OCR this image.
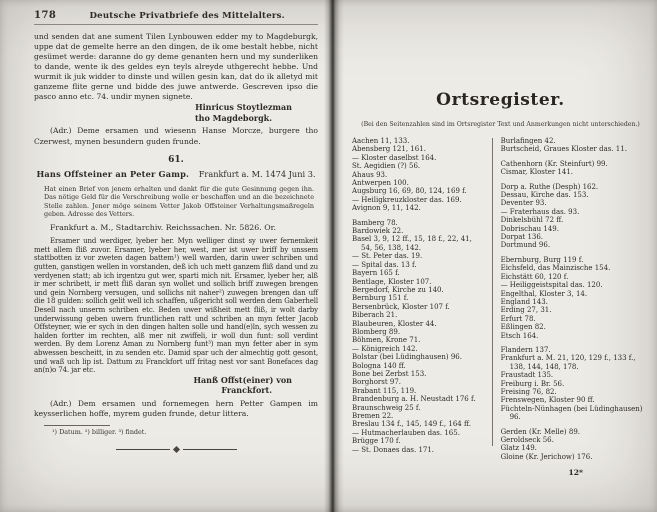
178	Deutsche Privatbriefe des Mittelalters.
und senden dat ane sument Tilen Lynbouwen edder my to Magdeburgk, uppe dat de gemelte herre an den dingen, de ik ome bestalt hebbe, nicht gesümet werde: daranne do gy deme genanten hern und my sunderliken to dande, wente ik des geldes eyn teyls alreyde uthgerecht hebbe. Und wurmit ik juk widder to dinste und willen gesin kan, dat do ik alletyd mit ganzeme flite gerne und bidde des juwe antwerde. Gescreven ipso die pasco anno etc. 74. undir mynen signete.
Hinricus Stoytlezman
tho Magdeborgk.
(Adr.) Deme ersamen und wiesenn Hanse Morcze, burgere tho Czerwest, mynen besundern guden frunde.
61.
Hans Offsteiner an Peter Gamp. Frankfurt a. M. 1474 Juni 3.
Hat einen Brief von jenem erhalten und dankt für die gute Gesinnung gegen ihn. Das nötige Geld für die Verschreibung wolle er beschaffen und an die bezeichnete Stelle zahlen. Jener möge seinem Vetter Jakob Offsteiner Verhaltungsmaßregeln geben. Adresse des Vetters.
Frankfurt a. M., Stadtarchiv. Reichssachen. Nr. 5826. Or.
Ersamer und werdiger, lyeber her. Myn welliger dinst sy uwer fernemkeit mett allem fliß zuvor. Ersamer, lyeber her, west, mer ist uwer briff by unssem stattbotten iz vor zweten dagen battem¹) well warden, darin uwer schriben und gutten, ganstigen wellen in vorstanden, deß ich uch mett ganzem fliß dand und zu verdyenen statt; ab ich irgentzu gut wer, sparti mich nit. Ersamer, lyeber her, alß ir mer schribett, ir mett fliß daran syn wollet und sollich briff zuwegen brengen und gein Nornberg versugen, und sollichs nit naher²) zuwegen brengen dan uff die 18 gulden: sollich gelit well ich schaffen, ußgericht soll werden dem Gaberhell Desell nach unserm schriben etc. Beden uwer wißheit mett fliß, ir wolt darby underwissung geben uwern fruntlichen ratt und schriben an myn fetter Jacob Offsteyner, wie er sych in den dingen halten solle und hand(e)ln, sych wessen zu halden fortter im rechten, alß mer nit zwiffeli, ir woll dun funt: soll verdint werden. By dem Lorenz Aman zu Nornberg funt³) man myn fetter aber in sym abwessen bescheitt, in zu senden etc. Damid spar uch der almechtig gott gesont, und waß uch lip ist. Dattum zu Franckfort uff fritag nest vor sant Bonefaces dag an(n)o 74. jar etc.
Hanß Offst(einer) von
Franckfort.
(Adr.) Dem ersamen und fornemegen hern Petter Gampen im keysserlichen hoffe, myrem guden frunde, detur littera.
¹) Datum. ²) billiger. ³) findet.
Ortsregister.
(Bei den Seitenzahlen sind im Ortsregister Text und Anmerkungen nicht unterschieden.)
Aachen 11, 133.
Abensberg 121, 161.
— Kloster daselbst 164.
St. Aegidien (?) 56.
Ahaus 93.
Antwerpen 100.
Augsburg 16, 69, 80, 124, 169 f.
— Heiligkreuzkloster das. 169.
Avignon 9, 11, 142.
Bamberg 78.
Bardowiek 22.
Basel 3, 9, 12 ff., 15, 18 f., 22, 41, 54, 56, 138, 142.
— St. Peter das. 19.
— Spital das. 13 f.
Bayern 165 f.
Bentlage, Kloster 107.
Bergedorf, Kirche zu 140.
Bernburg 151 f.
Bersenbrück, Kloster 107 f.
Biberach 21.
Blaubeuren, Kloster 44.
Blomberg 89.
Böhmen, Krone 71.
— Königreich 142.
Bolstar (bei Lüdinghausen) 96.
Bologna 140 ff.
Bone bei Zerbst 153.
Borghorst 97.
Brabant 115, 119.
Brandenburg a. H. Neustadt 176 f.
Braunschweig 25 f.
Bremen 22.
Breslau 134 f., 145, 149 f., 164 ff.
— Hutmacherlauben das. 165.
Brügge 170 f.
— St. Donaes das. 171.
Burlafingen 42.
Burtscheid, Graues Kloster das. 11.
Cathenhorn (Kr. Steinfurt) 99.
Cismar, Kloster 141.
Dorp a. Ruthe (Desph) 162.
Dessau, Kirche das. 153.
Deventer 93.
— Fraterhaus das. 93.
Dinkelsbühl 72 ff.
Dobrischau 149.
Dorpat 136.
Dortmund 96.
Ebernburg, Burg 119 f.
Eichsfeld, das Mainzische 154.
Eichstätt 60, 120 f.
— Heiliggeistspital das. 120.
Engelthal, Kloster 3, 14.
England 143.
Erding 27, 31.
Erfurt 78.
Eßlingen 82.
Etsch 164.
Flandern 137.
Frankfurt a. M. 21, 120, 129 f., 133 f., 138, 144, 148, 178.
Fraustadt 135.
Freiburg i. Br. 56.
Freising 76, 82.
Frenswegen, Kloster 90 ff.
Füchteln-Nünhagen (bei Lüdinghausen) 96.
Gerden (Kr. Melle) 89.
Geroldseck 56.
Glatz 149.
Gloine (Kr. Jerichow) 176.
12*
